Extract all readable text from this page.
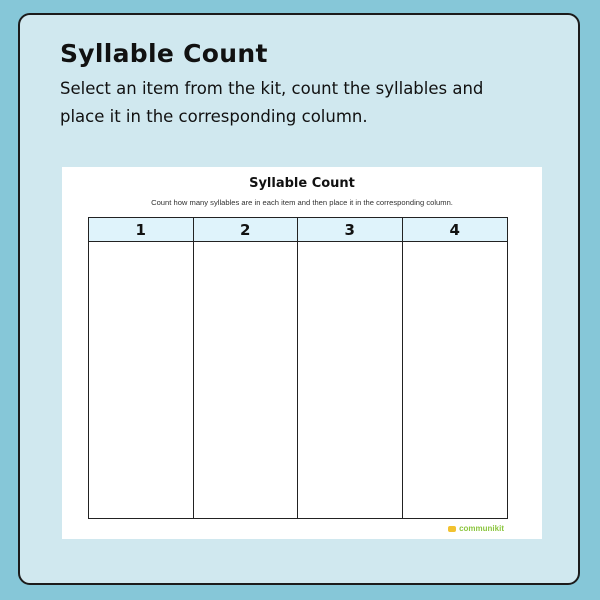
Syllable Count

Select an item from the kit, count the syllables and place it in the corresponding column.

Syllable Count
Count how many syllables are in each item and then place it in the corresponding column.
1	2	3	4
communikit
